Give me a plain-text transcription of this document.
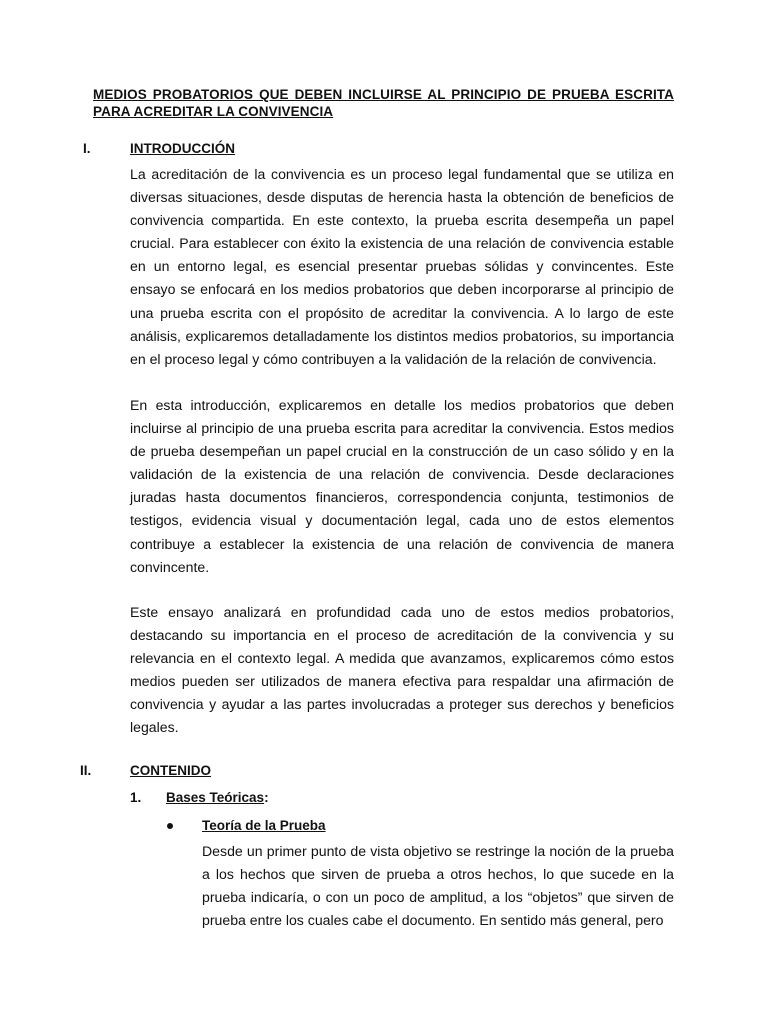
MEDIOS PROBATORIOS QUE DEBEN INCLUIRSE AL PRINCIPIO DE PRUEBA ESCRITA PARA ACREDITAR LA CONVIVENCIA
I.	INTRODUCCIÓN

La acreditación de la convivencia es un proceso legal fundamental que se utiliza en diversas situaciones, desde disputas de herencia hasta la obtención de beneficios de convivencia compartida. En este contexto, la prueba escrita desempeña un papel crucial. Para establecer con éxito la existencia de una relación de convivencia estable en un entorno legal, es esencial presentar pruebas sólidas y convincentes. Este ensayo se enfocará en los medios probatorios que deben incorporarse al principio de una prueba escrita con el propósito de acreditar la convivencia. A lo largo de este análisis, explicaremos detalladamente los distintos medios probatorios, su importancia en el proceso legal y cómo contribuyen a la validación de la relación de convivencia.

En esta introducción, explicaremos en detalle los medios probatorios que deben incluirse al principio de una prueba escrita para acreditar la convivencia. Estos medios de prueba desempeñan un papel crucial en la construcción de un caso sólido y en la validación de la existencia de una relación de convivencia. Desde declaraciones juradas hasta documentos financieros, correspondencia conjunta, testimonios de testigos, evidencia visual y documentación legal, cada uno de estos elementos contribuye a establecer la existencia de una relación de convivencia de manera convincente.

Este ensayo analizará en profundidad cada uno de estos medios probatorios, destacando su importancia en el proceso de acreditación de la convivencia y su relevancia en el contexto legal. A medida que avanzamos, explicaremos cómo estos medios pueden ser utilizados de manera efectiva para respaldar una afirmación de convivencia y ayudar a las partes involucradas a proteger sus derechos y beneficios legales.

II.	CONTENIDO
1. Bases Teóricas:
Teoría de la Prueba

Desde un primer punto de vista objetivo se restringe la noción de la prueba a los hechos que sirven de prueba a otros hechos, lo que sucede en la prueba indicaría, o con un poco de amplitud, a los “objetos” que sirven de prueba entre los cuales cabe el documento. En sentido más general, pero
